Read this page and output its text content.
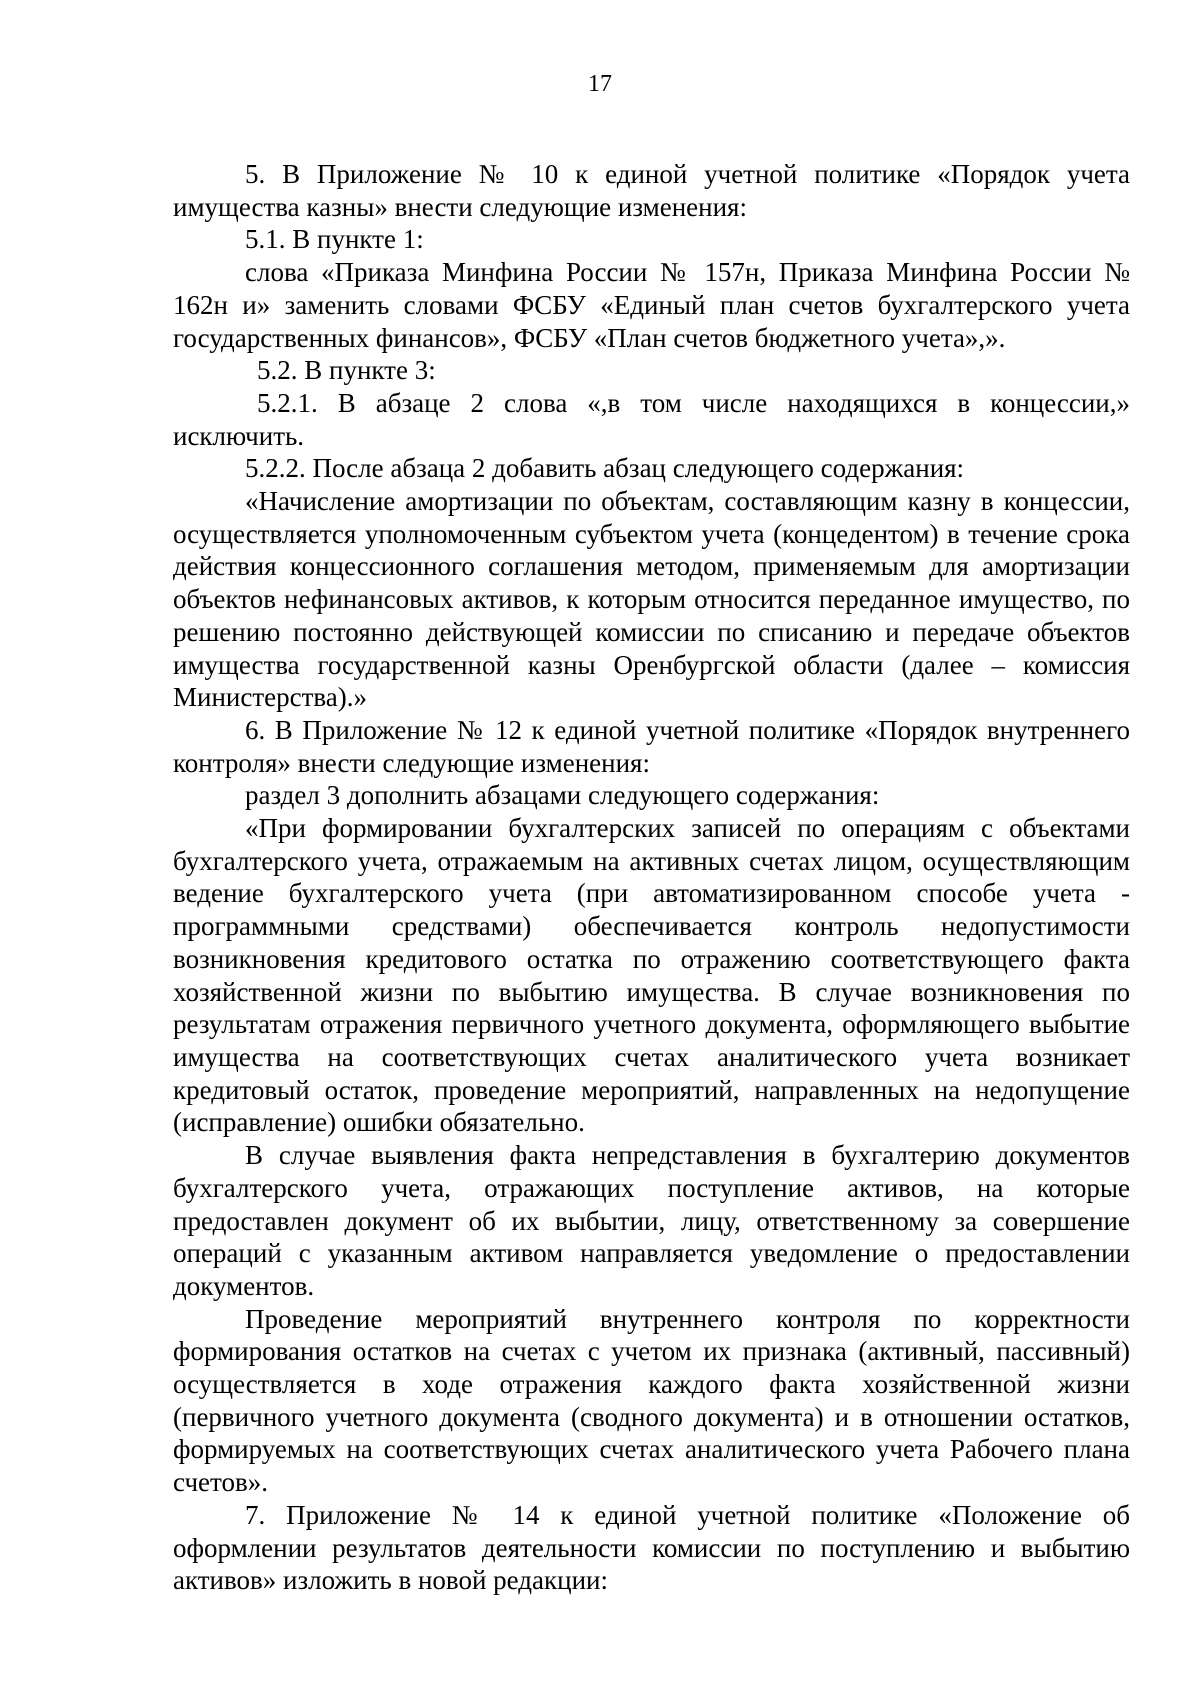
17

5. В Приложение № 10 к единой учетной политике «Порядок учета имущества казны» внести следующие изменения:

5.1. В пункте 1:

слова «Приказа Минфина России № 157н, Приказа Минфина России № 162н и» заменить словами ФСБУ «Единый план счетов бухгалтерского учета государственных финансов», ФСБУ «План счетов бюджетного учета»,».

5.2. В пункте 3:

5.2.1. В абзаце 2 слова «,в том числе находящихся в концессии,» исключить.

5.2.2. После абзаца 2 добавить абзац следующего содержания:

«Начисление амортизации по объектам, составляющим казну в концессии, осуществляется уполномоченным субъектом учета (концедентом) в течение срока действия концессионного соглашения методом, применяемым для амортизации объектов нефинансовых активов, к которым относится переданное имущество, по решению постоянно действующей комиссии по списанию и передаче объектов имущества государственной казны Оренбургской области (далее – комиссия Министерства).»

6. В Приложение № 12 к единой учетной политике «Порядок внутреннего контроля» внести следующие изменения:

раздел 3 дополнить абзацами следующего содержания:

«При формировании бухгалтерских записей по операциям с объектами бухгалтерского учета, отражаемым на активных счетах лицом, осуществляющим ведение бухгалтерского учета (при автоматизированном способе учета - программными средствами) обеспечивается контроль недопустимости возникновения кредитового остатка по отражению соответствующего факта хозяйственной жизни по выбытию имущества. В случае возникновения по результатам отражения первичного учетного документа, оформляющего выбытие имущества на соответствующих счетах аналитического учета возникает кредитовый остаток, проведение мероприятий, направленных на недопущение (исправление) ошибки обязательно.

В случае выявления факта непредставления в бухгалтерию документов бухгалтерского учета, отражающих поступление активов, на которые предоставлен документ об их выбытии, лицу, ответственному за совершение операций с указанным активом направляется уведомление о предоставлении документов.

Проведение мероприятий внутреннего контроля по корректности формирования остатков на счетах с учетом их признака (активный, пассивный) осуществляется в ходе отражения каждого факта хозяйственной жизни (первичного учетного документа (сводного документа) и в отношении остатков, формируемых на соответствующих счетах аналитического учета Рабочего плана счетов».

7. Приложение № 14 к единой учетной политике «Положение об оформлении результатов деятельности комиссии по поступлению и выбытию активов» изложить в новой редакции:
